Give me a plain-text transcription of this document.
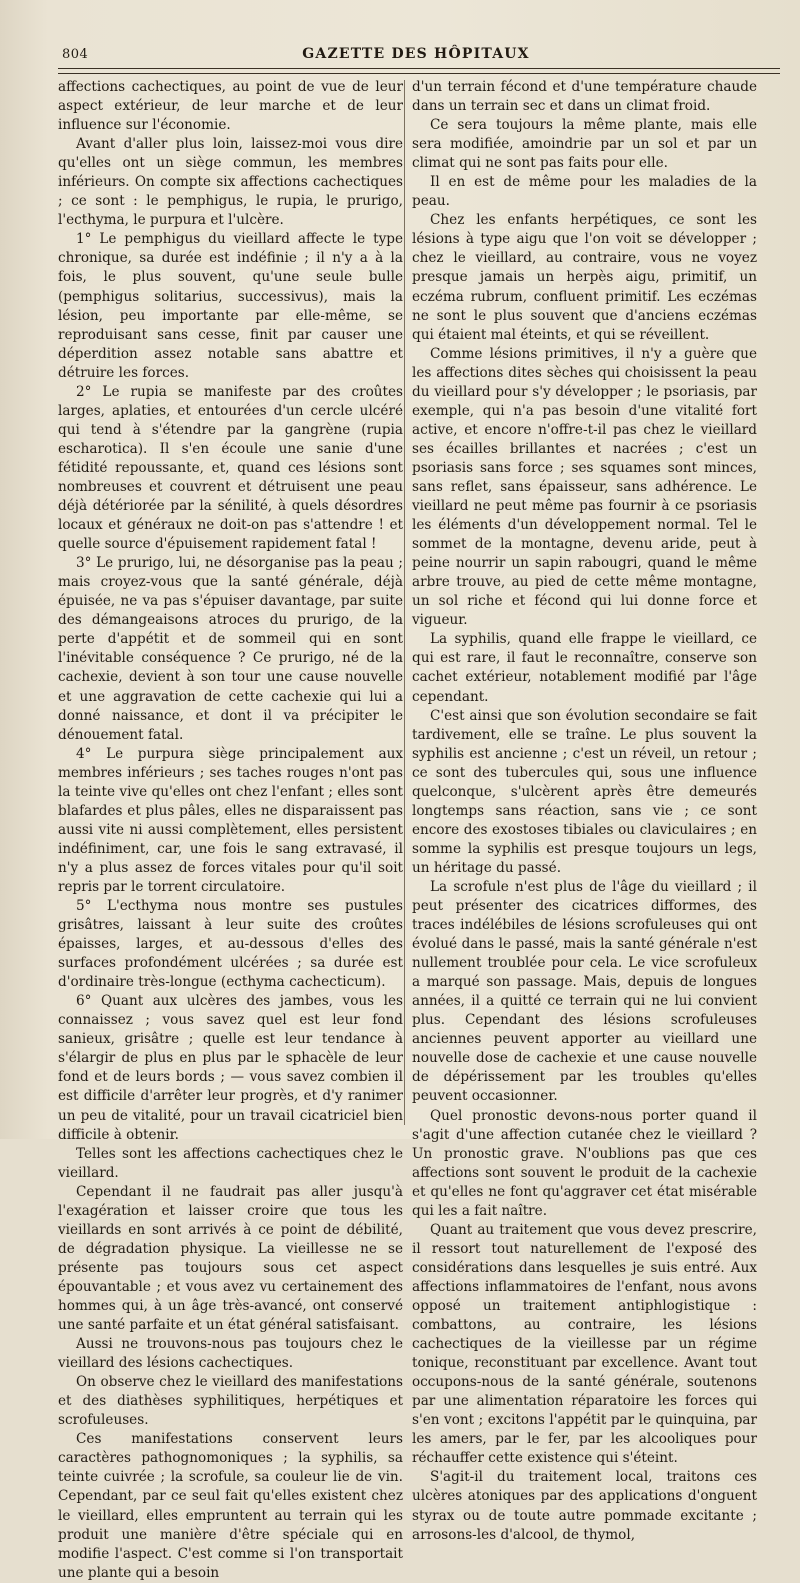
804	GAZETTE DES HÔPITAUX

affections cachectiques, au point de vue de leur aspect extérieur, de leur marche et de leur influence sur l'économie.

Avant d'aller plus loin, laissez-moi vous dire qu'elles ont un siège commun, les membres inférieurs. On compte six affections cachectiques ; ce sont : le pemphigus, le rupia, le prurigo, l'ecthyma, le purpura et l'ulcère.

1° Le pemphigus du vieillard affecte le type chronique, sa durée est indéfinie ; il n'y a à la fois, le plus souvent, qu'une seule bulle (pemphigus solitarius, successivus), mais la lésion, peu importante par elle-même, se reproduisant sans cesse, finit par causer une déperdition assez notable sans abattre et détruire les forces.

2° Le rupia se manifeste par des croûtes larges, aplaties, et entourées d'un cercle ulcéré qui tend à s'étendre par la gangrène (rupia escharotica). Il s'en écoule une sanie d'une fétidité repoussante, et, quand ces lésions sont nombreuses et couvrent et détruisent une peau déjà détériorée par la sénilité, à quels désordres locaux et généraux ne doit-on pas s'attendre ! et quelle source d'épuisement rapidement fatal !

3° Le prurigo, lui, ne désorganise pas la peau ; mais croyez-vous que la santé générale, déjà épuisée, ne va pas s'épuiser davantage, par suite des démangeaisons atroces du prurigo, de la perte d'appétit et de sommeil qui en sont l'inévitable conséquence ? Ce prurigo, né de la cachexie, devient à son tour une cause nouvelle et une aggravation de cette cachexie qui lui a donné naissance, et dont il va précipiter le dénouement fatal.

4° Le purpura siège principalement aux membres inférieurs ; ses taches rouges n'ont pas la teinte vive qu'elles ont chez l'enfant ; elles sont blafardes et plus pâles, elles ne disparaissent pas aussi vite ni aussi complètement, elles persistent indéfiniment, car, une fois le sang extravasé, il n'y a plus assez de forces vitales pour qu'il soit repris par le torrent circulatoire.

5° L'ecthyma nous montre ses pustules grisâtres, laissant à leur suite des croûtes épaisses, larges, et au-dessous d'elles des surfaces profondément ulcérées ; sa durée est d'ordinaire très-longue (ecthyma cachecticum).

6° Quant aux ulcères des jambes, vous les connaissez ; vous savez quel est leur fond sanieux, grisâtre ; quelle est leur tendance à s'élargir de plus en plus par le sphacèle de leur fond et de leurs bords ; — vous savez combien il est difficile d'arrêter leur progrès, et d'y ranimer un peu de vitalité, pour un travail cicatriciel bien difficile à obtenir.

Telles sont les affections cachectiques chez le vieillard.

Cependant il ne faudrait pas aller jusqu'à l'exagération et laisser croire que tous les vieillards en sont arrivés à ce point de débilité, de dégradation physique. La vieillesse ne se présente pas toujours sous cet aspect épouvantable ; et vous avez vu certainement des hommes qui, à un âge très-avancé, ont conservé une santé parfaite et un état général satisfaisant.

Aussi ne trouvons-nous pas toujours chez le vieillard des lésions cachectiques.

On observe chez le vieillard des manifestations et des diathèses syphilitiques, herpétiques et scrofuleuses.

Ces manifestations conservent leurs caractères pathognomoniques ; la syphilis, sa teinte cuivrée ; la scrofule, sa couleur lie de vin. Cependant, par ce seul fait qu'elles existent chez le vieillard, elles empruntent au terrain qui les produit une manière d'être spéciale qui en modifie l'aspect. C'est comme si l'on transportait une plante qui a besoin

d'un terrain fécond et d'une température chaude dans un terrain sec et dans un climat froid.

Ce sera toujours la même plante, mais elle sera modifiée, amoindrie par un sol et par un climat qui ne sont pas faits pour elle.

Il en est de même pour les maladies de la peau.

Chez les enfants herpétiques, ce sont les lésions à type aigu que l'on voit se développer ; chez le vieillard, au contraire, vous ne voyez presque jamais un herpès aigu, primitif, un eczéma rubrum, confluent primitif. Les eczémas ne sont le plus souvent que d'anciens eczémas qui étaient mal éteints, et qui se réveillent.

Comme lésions primitives, il n'y a guère que les affections dites sèches qui choisissent la peau du vieillard pour s'y développer ; le psoriasis, par exemple, qui n'a pas besoin d'une vitalité fort active, et encore n'offre-t-il pas chez le vieillard ses écailles brillantes et nacrées ; c'est un psoriasis sans force ; ses squames sont minces, sans reflet, sans épaisseur, sans adhérence. Le vieillard ne peut même pas fournir à ce psoriasis les éléments d'un développement normal. Tel le sommet de la montagne, devenu aride, peut à peine nourrir un sapin rabougri, quand le même arbre trouve, au pied de cette même montagne, un sol riche et fécond qui lui donne force et vigueur.

La syphilis, quand elle frappe le vieillard, ce qui est rare, il faut le reconnaître, conserve son cachet extérieur, notablement modifié par l'âge cependant.

C'est ainsi que son évolution secondaire se fait tardivement, elle se traîne. Le plus souvent la syphilis est ancienne ; c'est un réveil, un retour ; ce sont des tubercules qui, sous une influence quelconque, s'ulcèrent après être demeurés longtemps sans réaction, sans vie ; ce sont encore des exostoses tibiales ou claviculaires ; en somme la syphilis est presque toujours un legs, un héritage du passé.

La scrofule n'est plus de l'âge du vieillard ; il peut présenter des cicatrices difformes, des traces indélébiles de lésions scrofuleuses qui ont évolué dans le passé, mais la santé générale n'est nullement troublée pour cela. Le vice scrofuleux a marqué son passage. Mais, depuis de longues années, il a quitté ce terrain qui ne lui convient plus. Cependant des lésions scrofuleuses anciennes peuvent apporter au vieillard une nouvelle dose de cachexie et une cause nouvelle de dépérissement par les troubles qu'elles peuvent occasionner.

Quel pronostic devons-nous porter quand il s'agit d'une affection cutanée chez le vieillard ? Un pronostic grave. N'oublions pas que ces affections sont souvent le produit de la cachexie et qu'elles ne font qu'aggraver cet état misérable qui les a fait naître.

Quant au traitement que vous devez prescrire, il ressort tout naturellement de l'exposé des considérations dans lesquelles je suis entré. Aux affections inflammatoires de l'enfant, nous avons opposé un traitement antiphlogistique : combattons, au contraire, les lésions cachectiques de la vieillesse par un régime tonique, reconstituant par excellence. Avant tout occupons-nous de la santé générale, soutenons par une alimentation réparatoire les forces qui s'en vont ; excitons l'appétit par le quinquina, par les amers, par le fer, par les alcooliques pour réchauffer cette existence qui s'éteint.

S'agit-il du traitement local, traitons ces ulcères atoniques par des applications d'onguent styrax ou de toute autre pommade excitante ; arrosons-les d'alcool, de thymol,
